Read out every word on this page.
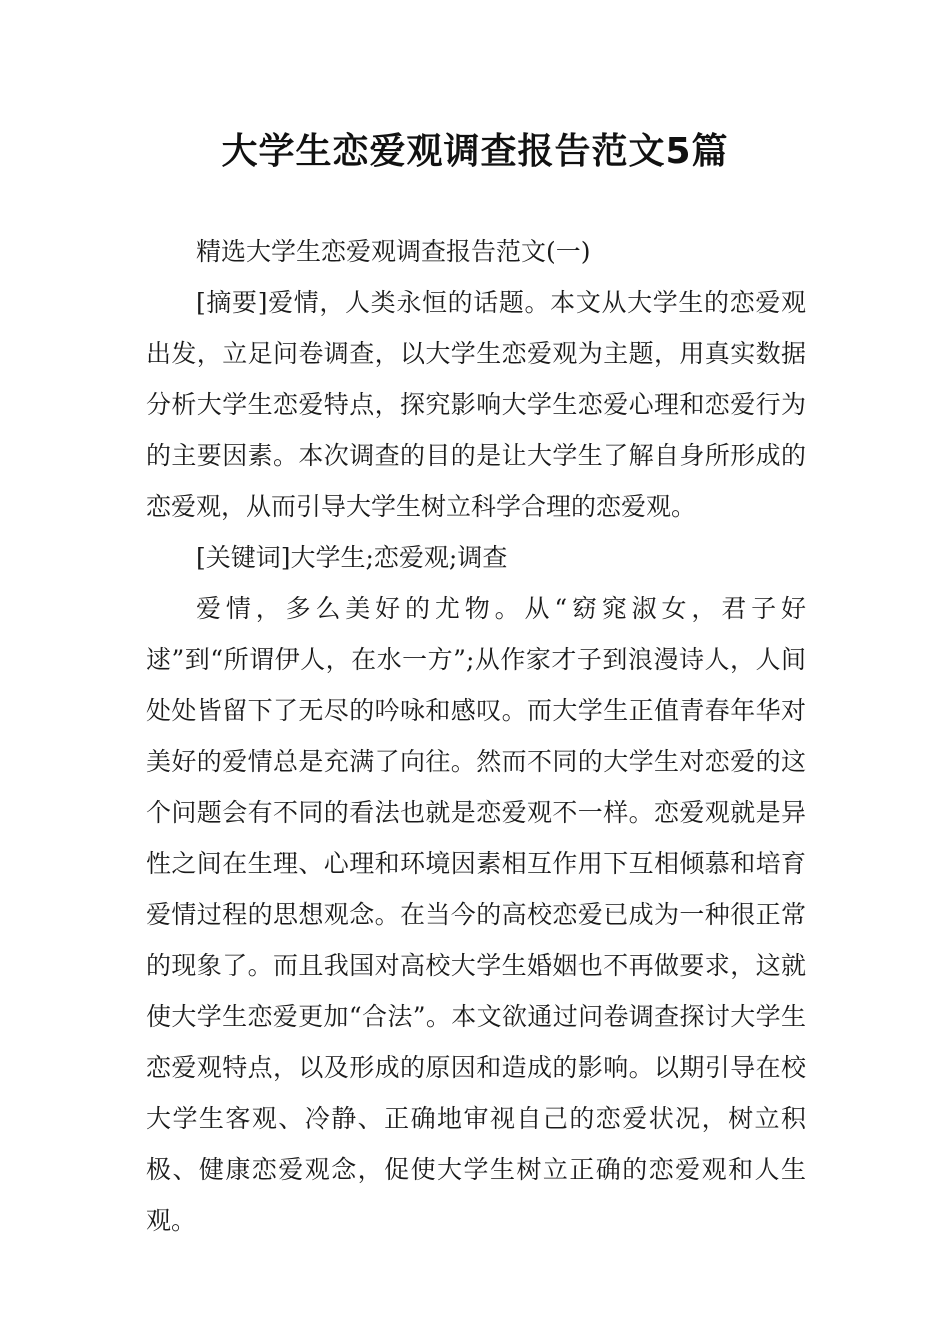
大学生恋爱观调查报告范文5篇

精选大学生恋爱观调查报告范文(一)

[摘要]爱情，人类永恒的话题。本文从大学生的恋爱观出发，立足问卷调查，以大学生恋爱观为主题，用真实数据分析大学生恋爱特点，探究影响大学生恋爱心理和恋爱行为的主要因素。本次调查的目的是让大学生了解自身所形成的恋爱观，从而引导大学生树立科学合理的恋爱观。

[关键词]大学生;恋爱观;调查

爱情，多么美好的尤物。从“窈窕淑女，君子好逑”到“所谓伊人，在水一方”;从作家才子到浪漫诗人，人间处处皆留下了无尽的吟咏和感叹。而大学生正值青春年华对美好的爱情总是充满了向往。然而不同的大学生对恋爱的这个问题会有不同的看法也就是恋爱观不一样。恋爱观就是异性之间在生理、心理和环境因素相互作用下互相倾慕和培育爱情过程的思想观念。在当今的高校恋爱已成为一种很正常的现象了。而且我国对高校大学生婚姻也不再做要求，这就使大学生恋爱更加“合法”。本文欲通过问卷调查探讨大学生恋爱观特点，以及形成的原因和造成的影响。以期引导在校大学生客观、冷静、正确地审视自己的恋爱状况，树立积极、健康恋爱观念，促使大学生树立正确的恋爱观和人生观。
